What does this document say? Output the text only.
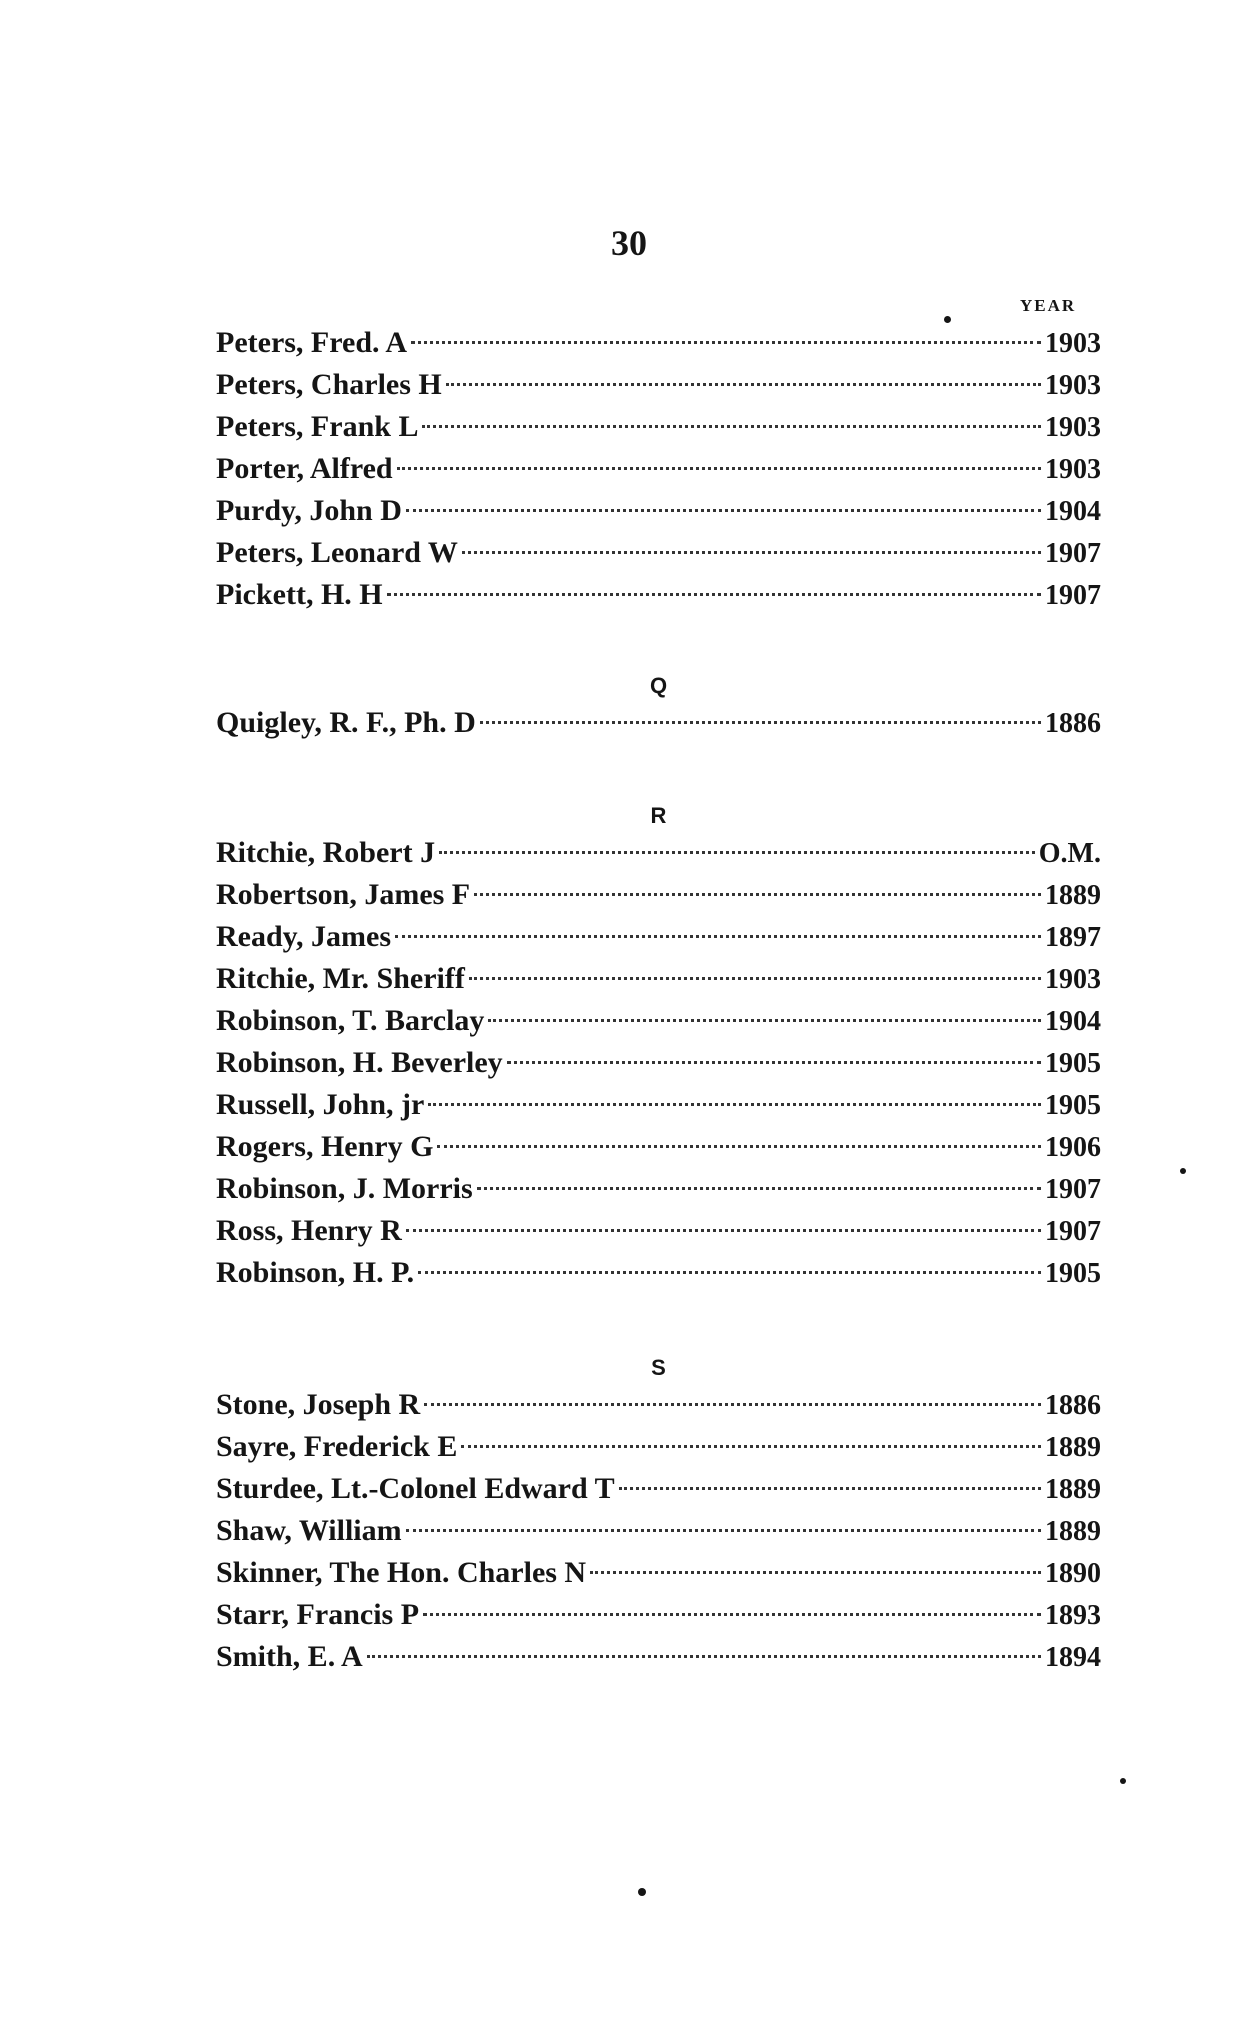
30
YEAR
Peters, Fred. A	1903
Peters, Charles H	1903
Peters, Frank L	1903
Porter, Alfred	1903
Purdy, John D	1904
Peters, Leonard W	1907
Pickett, H. H	1907
Q
Quigley, R. F., Ph. D	1886
R
Ritchie, Robert J	O.M.
Robertson, James F	1889
Ready, James	1897
Ritchie, Mr. Sheriff	1903
Robinson, T. Barclay	1904
Robinson, H. Beverley	1905
Russell, John, jr	1905
Rogers, Henry G	1906
Robinson, J. Morris	1907
Ross, Henry R	1907
Robinson, H. P.	1905
S
Stone, Joseph R	1886
Sayre, Frederick E	1889
Sturdee, Lt.-Colonel Edward T	1889
Shaw, William	1889
Skinner, The Hon. Charles N	1890
Starr, Francis P	1893
Smith, E. A	1894
